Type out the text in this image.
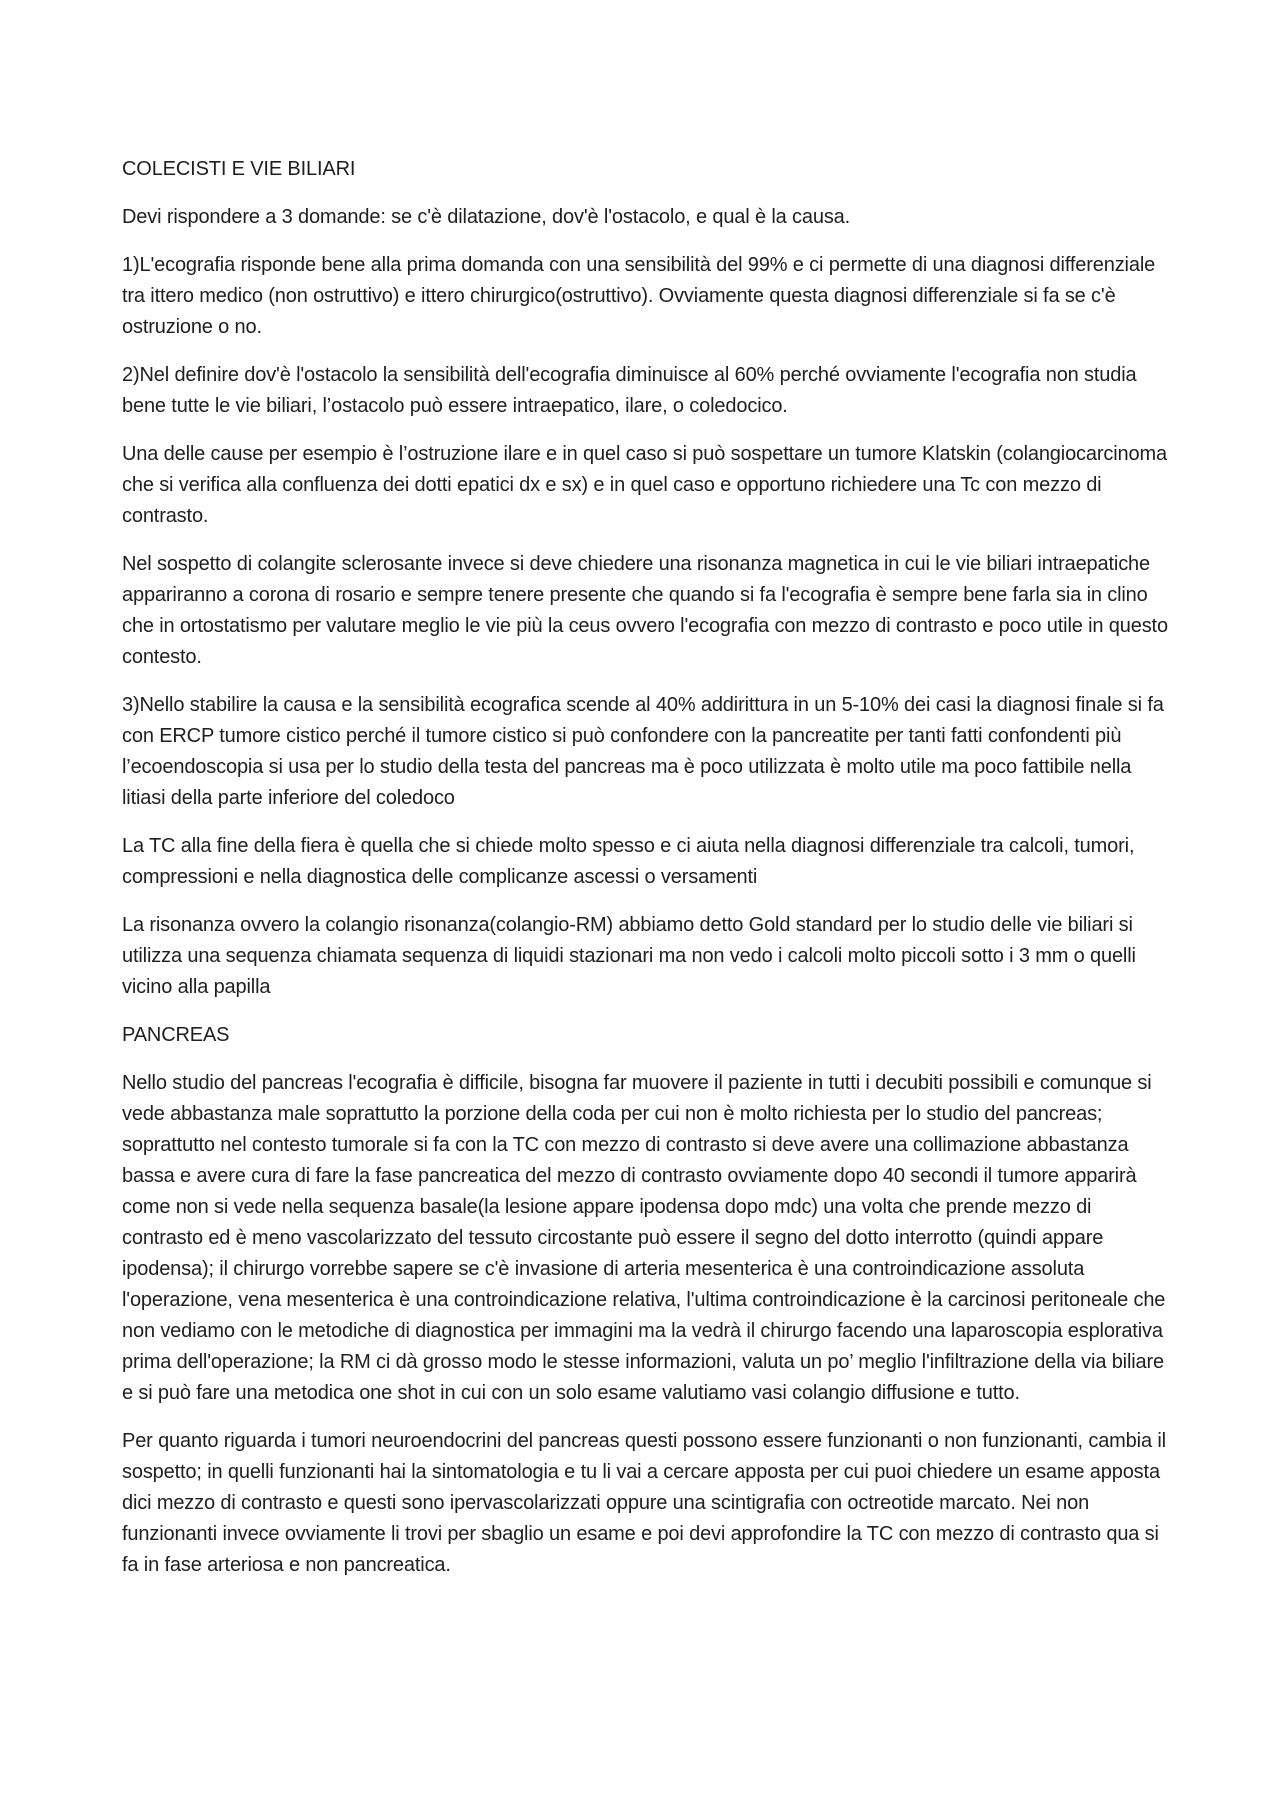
COLECISTI E VIE BILIARI

Devi rispondere a 3 domande: se c'è dilatazione, dov'è l'ostacolo, e qual è la causa.

1)L'ecografia risponde bene alla prima domanda con una sensibilità del 99% e ci permette di una diagnosi differenziale tra ittero medico (non ostruttivo) e ittero chirurgico(ostruttivo). Ovviamente questa diagnosi differenziale si fa se c'è ostruzione o no.

2)Nel definire dov'è l'ostacolo la sensibilità dell'ecografia diminuisce al 60% perché ovviamente l'ecografia non studia bene tutte le vie biliari, l’ostacolo può essere intraepatico, ilare, o coledocico.

Una delle cause per esempio è l’ostruzione ilare e in quel caso si può sospettare un tumore Klatskin (colangiocarcinoma che si verifica alla confluenza dei dotti epatici dx e sx) e in quel caso e opportuno richiedere una Tc con mezzo di contrasto.

Nel sospetto di colangite sclerosante invece si deve chiedere una risonanza magnetica in cui le vie biliari intraepatiche appariranno a corona di rosario e sempre tenere presente che quando si fa l'ecografia è sempre bene farla sia in clino che in ortostatismo per valutare meglio le vie più la ceus ovvero l'ecografia con mezzo di contrasto e poco utile in questo contesto.

3)Nello stabilire la causa e la sensibilità ecografica scende al 40% addirittura in un 5-10% dei casi la diagnosi finale si fa con ERCP tumore cistico perché il tumore cistico si può confondere con la pancreatite per tanti fatti confondenti più l’ecoendoscopia si usa per lo studio della testa del pancreas ma è poco utilizzata è molto utile ma poco fattibile nella litiasi della parte inferiore del coledoco

La TC alla fine della fiera è quella che si chiede molto spesso e ci aiuta nella diagnosi differenziale tra calcoli, tumori, compressioni e nella diagnostica delle complicanze ascessi o versamenti

La risonanza ovvero la colangio risonanza(colangio-RM) abbiamo detto Gold standard per lo studio delle vie biliari si utilizza una sequenza chiamata sequenza di liquidi stazionari ma non vedo i calcoli molto piccoli sotto i 3 mm o quelli vicino alla papilla

PANCREAS

Nello studio del pancreas l'ecografia è difficile, bisogna far muovere il paziente in tutti i decubiti possibili e comunque si vede abbastanza male soprattutto la porzione della coda per cui non è molto richiesta per lo studio del pancreas; soprattutto nel contesto tumorale si fa con la TC con mezzo di contrasto si deve avere una collimazione abbastanza bassa e avere cura di fare la fase pancreatica del mezzo di contrasto ovviamente dopo 40 secondi il tumore apparirà come non si vede nella sequenza basale(la lesione appare ipodensa dopo mdc) una volta che prende mezzo di contrasto ed è meno vascolarizzato del tessuto circostante può essere il segno del dotto interrotto (quindi appare ipodensa); il chirurgo vorrebbe sapere se c'è invasione di arteria mesenterica è una controindicazione assoluta l'operazione, vena mesenterica è una controindicazione relativa, l'ultima controindicazione è la carcinosi peritoneale che non vediamo con le metodiche di diagnostica per immagini ma la vedrà il chirurgo facendo una laparoscopia esplorativa prima dell'operazione; la RM ci dà grosso modo le stesse informazioni, valuta un po’ meglio l'infiltrazione della via biliare e si può fare una metodica one shot in cui con un solo esame valutiamo vasi colangio diffusione e tutto.

Per quanto riguarda i tumori neuroendocrini del pancreas questi possono essere funzionanti o non funzionanti, cambia il sospetto; in quelli funzionanti hai la sintomatologia e tu li vai a cercare apposta per cui puoi chiedere un esame apposta dici mezzo di contrasto e questi sono ipervascolarizzati oppure una scintigrafia con octreotide marcato. Nei non funzionanti invece ovviamente li trovi per sbaglio un esame e poi devi approfondire la TC con mezzo di contrasto qua si fa in fase arteriosa e non pancreatica.
